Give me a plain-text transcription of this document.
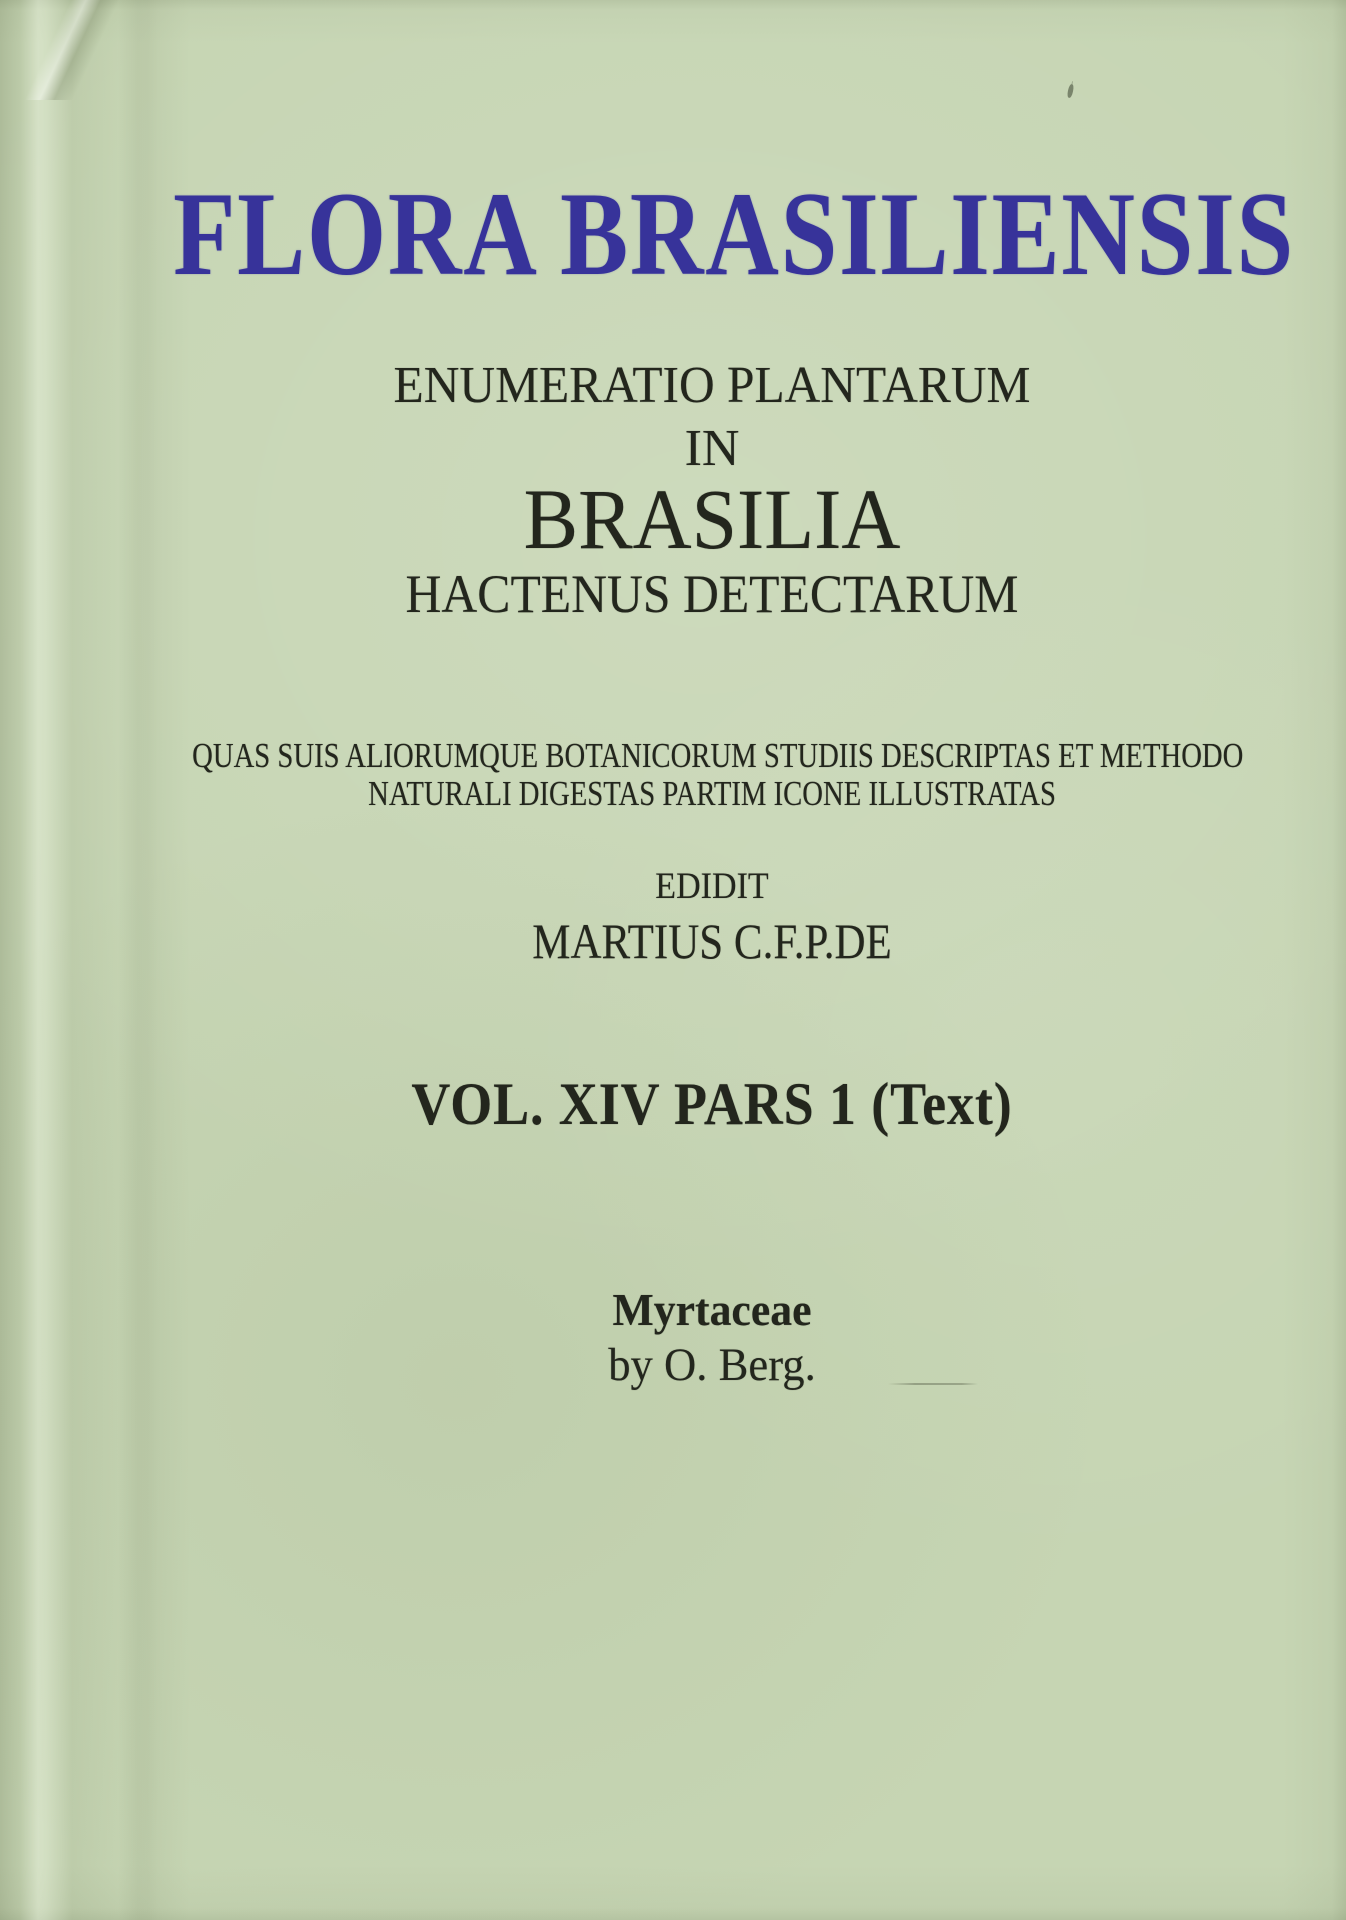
FLORA BRASILIENSIS
ENUMERATIO PLANTARUM
IN
BRASILIA
HACTENUS DETECTARUM
QUAS SUIS ALIORUMQUE BOTANICORUM STUDIIS DESCRIPTAS ET METHODO
NATURALI DIGESTAS PARTIM ICONE ILLUSTRATAS
EDIDIT
MARTIUS C.F.P.DE
VOL. XIV PARS 1 (Text)
Myrtaceae
by O. Berg.
